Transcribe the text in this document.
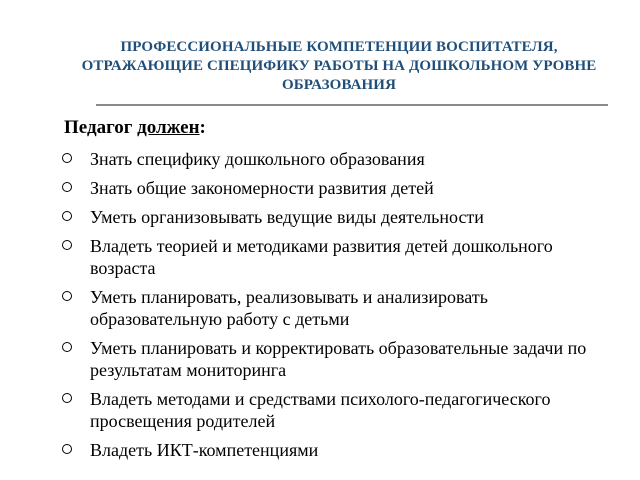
ПРОФЕССИОНАЛЬНЫЕ КОМПЕТЕНЦИИ ВОСПИТАТЕЛЯ, ОТРАЖАЮЩИЕ СПЕЦИФИКУ РАБОТЫ НА ДОШКОЛЬНОМ УРОВНЕ ОБРАЗОВАНИЯ
Педагог должен:
Знать специфику дошкольного образования
Знать общие закономерности развития детей
Уметь организовывать ведущие виды деятельности
Владеть теорией и методиками развития детей дошкольного возраста
Уметь планировать, реализовывать и анализировать образовательную работу с детьми
Уметь планировать и корректировать образовательные задачи по результатам мониторинга
Владеть методами и средствами психолого-педагогического просвещения родителей
Владеть ИКТ-компетенциями
